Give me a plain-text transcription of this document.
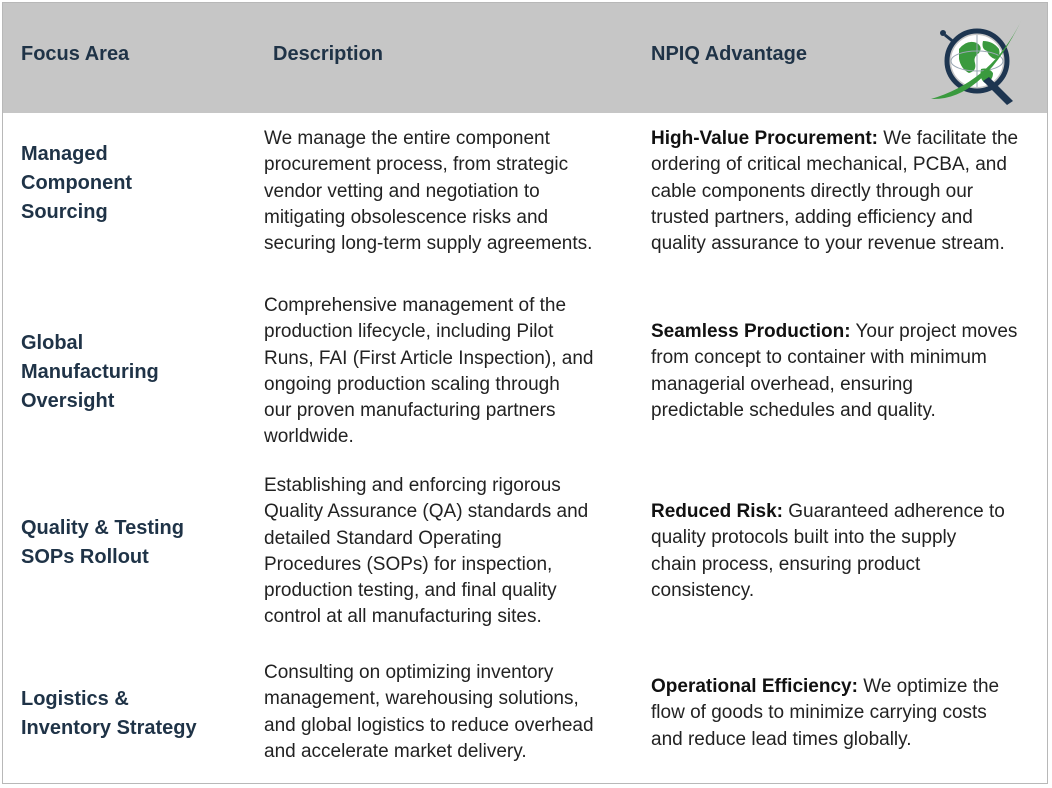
Focus Area	Description	NPIQ Advantage
Managed
Component
Sourcing
We manage the entire component
procurement process, from strategic
vendor vetting and negotiation to
mitigating obsolescence risks and
securing long-term supply agreements.
High-Value Procurement: We facilitate the
ordering of critical mechanical, PCBA, and
cable components directly through our
trusted partners, adding efficiency and
quality assurance to your revenue stream.
Global
Manufacturing
Oversight
Comprehensive management of the
production lifecycle, including Pilot
Runs, FAI (First Article Inspection), and
ongoing production scaling through
our proven manufacturing partners
worldwide.
Seamless Production: Your project moves
from concept to container with minimum
managerial overhead, ensuring
predictable schedules and quality.
Quality & Testing
SOPs Rollout
Establishing and enforcing rigorous
Quality Assurance (QA) standards and
detailed Standard Operating
Procedures (SOPs) for inspection,
production testing, and final quality
control at all manufacturing sites.
Reduced Risk: Guaranteed adherence to
quality protocols built into the supply
chain process, ensuring product
consistency.
Logistics &
Inventory Strategy
Consulting on optimizing inventory
management, warehousing solutions,
and global logistics to reduce overhead
and accelerate market delivery.
Operational Efficiency: We optimize the
flow of goods to minimize carrying costs
and reduce lead times globally.
